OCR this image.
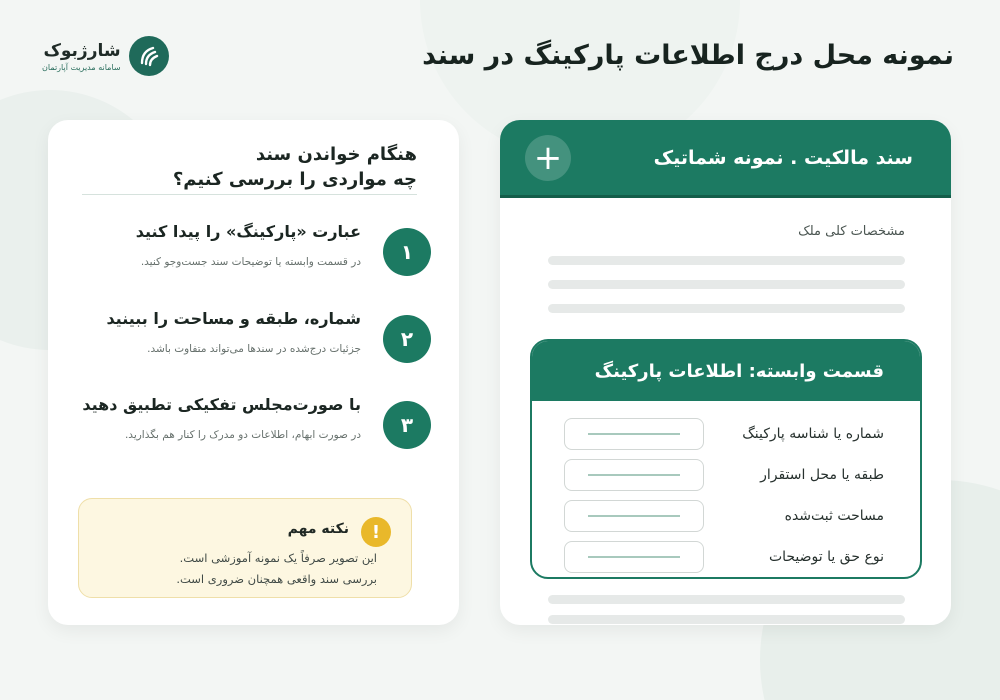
نمونه محل درج اطلاعات پارکینگ در سند
شارژبوک
سامانه مدیریت آپارتمان
سند مالکیت . نمونه شماتیک
+
مشخصات کلی ملک
قسمت وابسته: اطلاعات پارکینگ
شماره یا شناسه پارکینگ
طبقه یا محل استقرار
مساحت ثبت‌شده
نوع حق یا توضیحات
هنگام خواندن سند
چه مواردی را بررسی کنیم؟
۱
عبارت «پارکینگ» را پیدا کنید
در قسمت وابسته یا توضیحات سند جست‌وجو کنید.
۲
شماره، طبقه و مساحت را ببینید
جزئیات درج‌شده در سندها می‌تواند متفاوت باشد.
۳
با صورت‌مجلس تفکیکی تطبیق دهید
در صورت ابهام، اطلاعات دو مدرک را کنار هم بگذارید.
!
نکته مهم
این تصویر صرفاً یک نمونه آموزشی است.
بررسی سند واقعی همچنان ضروری است.
